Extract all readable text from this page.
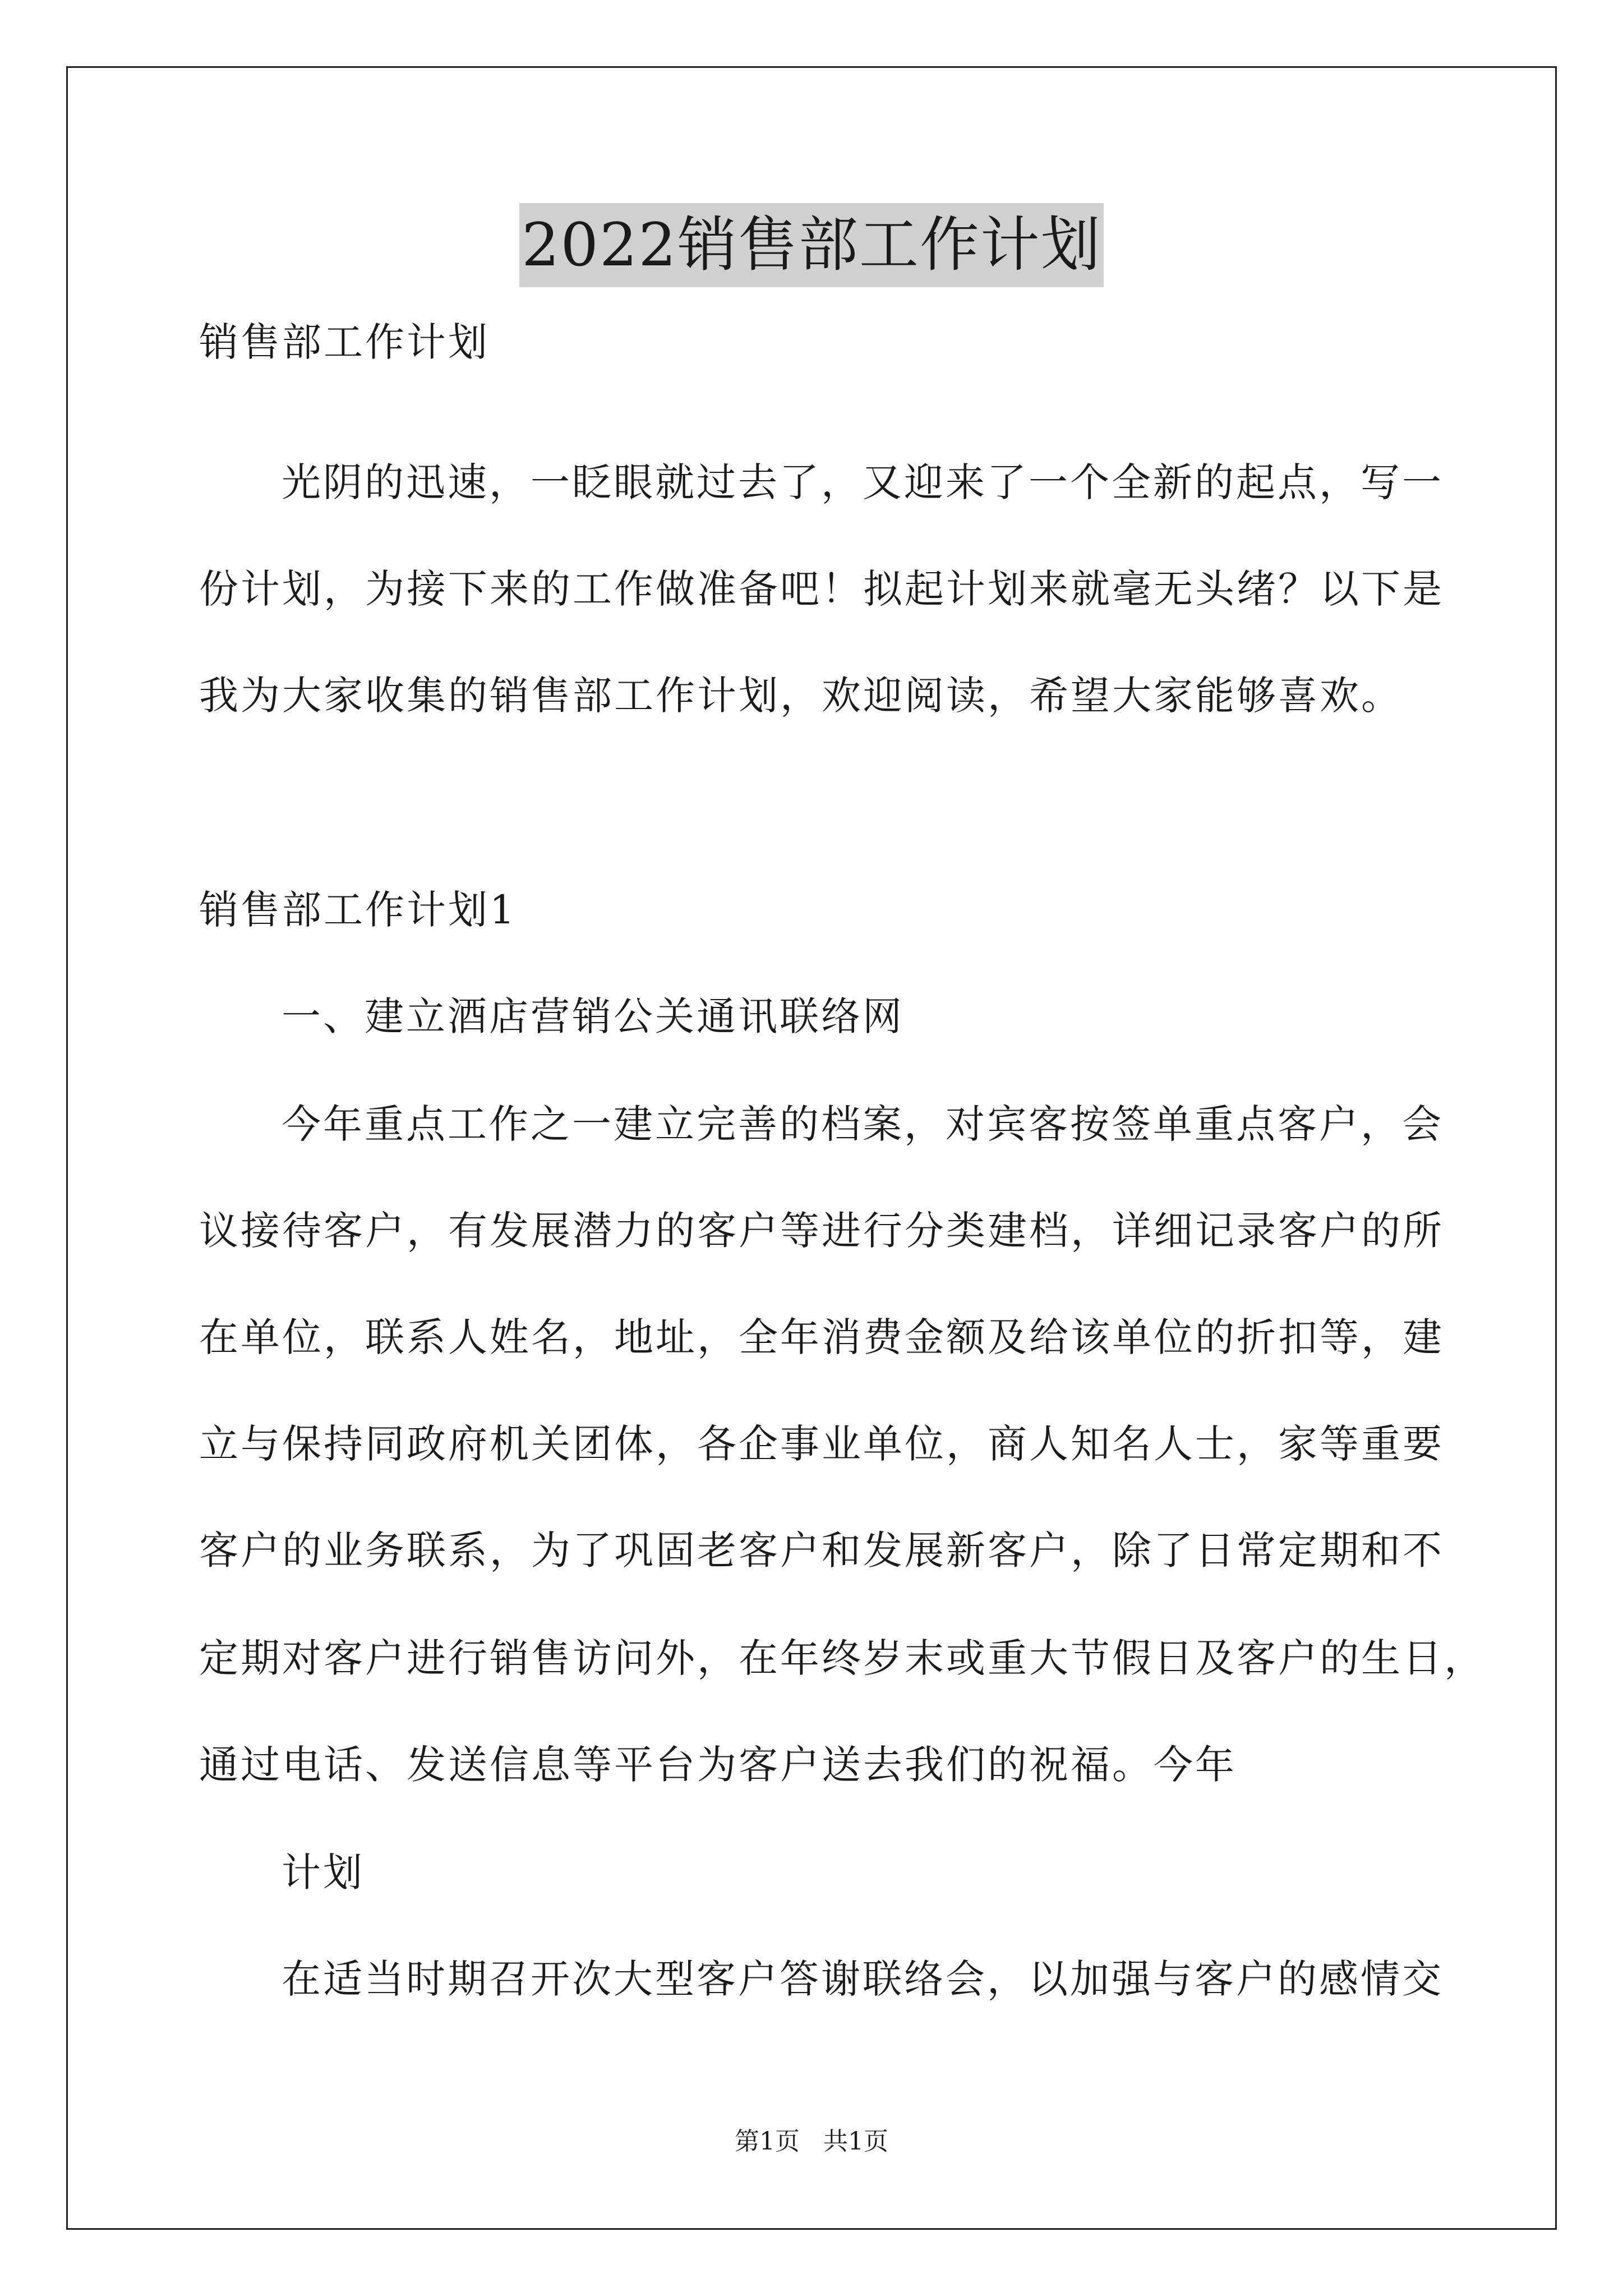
2022销售部工作计划
销售部工作计划
光阴的迅速，一眨眼就过去了，又迎来了一个全新的起点，写一
份计划，为接下来的工作做准备吧！拟起计划来就毫无头绪？以下是
我为大家收集的销售部工作计划，欢迎阅读，希望大家能够喜欢。
销售部工作计划1
一、建立酒店营销公关通讯联络网
今年重点工作之一建立完善的档案，对宾客按签单重点客户，会
议接待客户，有发展潜力的客户等进行分类建档，详细记录客户的所
在单位，联系人姓名，地址，全年消费金额及给该单位的折扣等，建
立与保持同政府机关团体，各企事业单位，商人知名人士，家等重要
客户的业务联系，为了巩固老客户和发展新客户，除了日常定期和不
定期对客户进行销售访问外，在年终岁末或重大节假日及客户的生日，
通过电话、发送信息等平台为客户送去我们的祝福。今年
计划
在适当时期召开次大型客户答谢联络会，以加强与客户的感情交
第1页   共1页
